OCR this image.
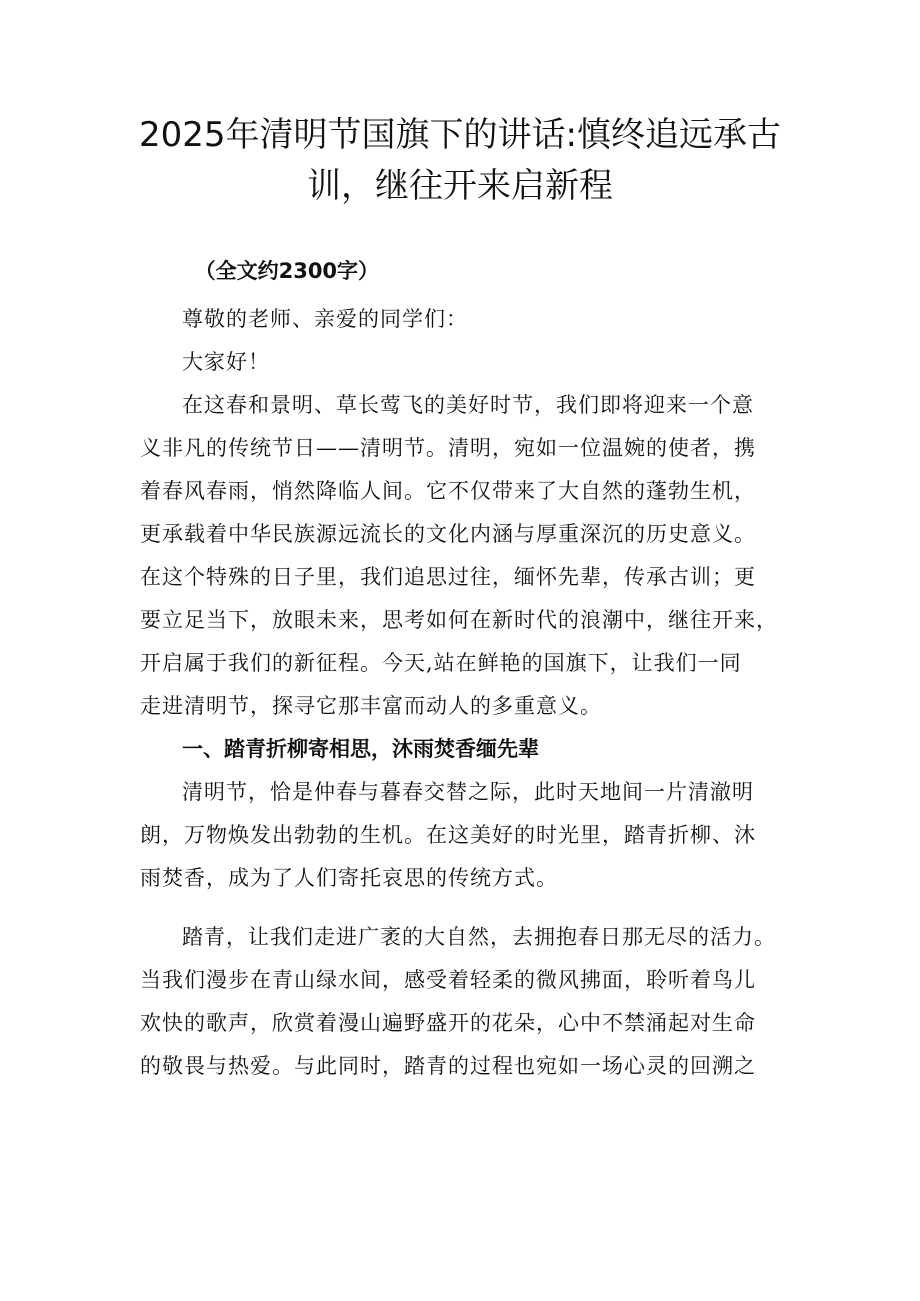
2025年清明节国旗下的讲话:慎终追远承古
训，继往开来启新程

（全文约2300字）

尊敬的老师、亲爱的同学们：

大家好！

在这春和景明、草长莺飞的美好时节，我们即将迎来一个意
义非凡的传统节日——清明节。清明，宛如一位温婉的使者，携
着春风春雨，悄然降临人间。它不仅带来了大自然的蓬勃生机，
更承载着中华民族源远流长的文化内涵与厚重深沉的历史意义。
在这个特殊的日子里，我们追思过往，缅怀先辈，传承古训；更
要立足当下，放眼未来，思考如何在新时代的浪潮中，继往开来，
开启属于我们的新征程。今天,站在鲜艳的国旗下，让我们一同
走进清明节，探寻它那丰富而动人的多重意义。

一、踏青折柳寄相思，沐雨焚香缅先辈

清明节，恰是仲春与暮春交替之际，此时天地间一片清澈明
朗，万物焕发出勃勃的生机。在这美好的时光里，踏青折柳、沐
雨焚香，成为了人们寄托哀思的传统方式。

踏青，让我们走进广袤的大自然，去拥抱春日那无尽的活力。
当我们漫步在青山绿水间，感受着轻柔的微风拂面，聆听着鸟儿
欢快的歌声，欣赏着漫山遍野盛开的花朵，心中不禁涌起对生命
的敬畏与热爱。与此同时，踏青的过程也宛如一场心灵的回溯之
